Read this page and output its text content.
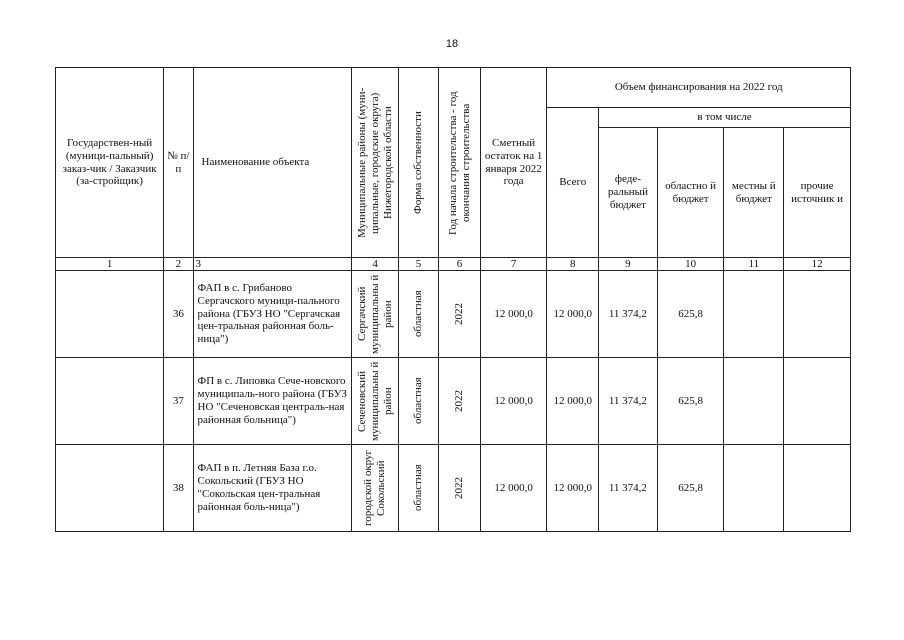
18
Государствен-ный (муници-пальный) заказ-чик / Заказчик (за-стройщик)	№ п/п	Наименование объекта	Муниципальные районы (муни-ципальные, городские округа) Нижегородской области	Форма собственности	Год начала строительства - год окончания строительства	Сметный остаток на 1 января 2022 года	Объем финансирования на 2022 год				
							Всего	в том числе			
								феде-ральный бюджет	областно й бюджет	местны й бюджет	прочие источник и
1	2	3	4	5	6	7	8	9	10	11	12
	36	ФАП в с. Грибаново Сергачского муници-пального района (ГБУЗ НО "Сергачская цен-тральная районная боль-ница")	Сергачский муниципальны й район	областная	2022	12 000,0	12 000,0	11 374,2	625,8		
	37	ФП в с. Липовка Сече-новского муниципаль-ного района (ГБУЗ НО "Сеченовская централь-ная районная больница")	Сеченовский муниципальны й район	областная	2022	12 000,0	12 000,0	11 374,2	625,8		
	38	ФАП в п. Летняя База г.о. Сокольский (ГБУЗ НО "Сокольская цен-тральная районная боль-ница")	городской округ Сокольский	областная	2022	12 000,0	12 000,0	11 374,2	625,8		
